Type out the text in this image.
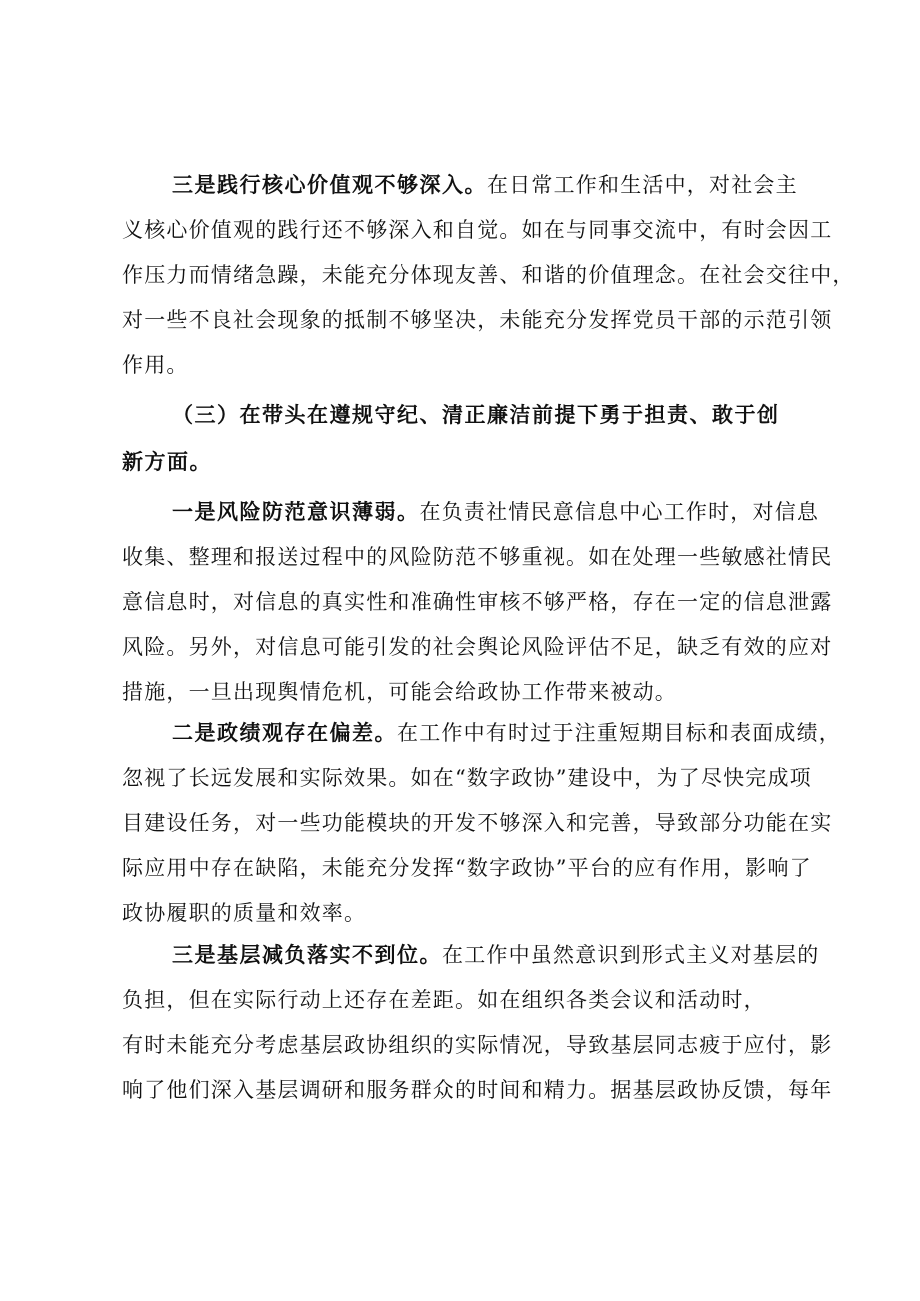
三是践行核心价值观不够深入。在日常工作和生活中，对社会主
义核心价值观的践行还不够深入和自觉。如在与同事交流中，有时会因工
作压力而情绪急躁，未能充分体现友善、和谐的价值理念。在社会交往中，
对一些不良社会现象的抵制不够坚决，未能充分发挥党员干部的示范引领
作用。
（三）在带头在遵规守纪、清正廉洁前提下勇于担责、敢于创
新方面。
一是风险防范意识薄弱。在负责社情民意信息中心工作时，对信息
收集、整理和报送过程中的风险防范不够重视。如在处理一些敏感社情民
意信息时，对信息的真实性和准确性审核不够严格，存在一定的信息泄露
风险。另外，对信息可能引发的社会舆论风险评估不足，缺乏有效的应对
措施，一旦出现舆情危机，可能会给政协工作带来被动。
二是政绩观存在偏差。在工作中有时过于注重短期目标和表面成绩，
忽视了长远发展和实际效果。如在“数字政协”建设中，为了尽快完成项
目建设任务，对一些功能模块的开发不够深入和完善，导致部分功能在实
际应用中存在缺陷，未能充分发挥“数字政协”平台的应有作用，影响了
政协履职的质量和效率。
三是基层减负落实不到位。在工作中虽然意识到形式主义对基层的
负担，但在实际行动上还存在差距。如在组织各类会议和活动时，
有时未能充分考虑基层政协组织的实际情况，导致基层同志疲于应付，影
响了他们深入基层调研和服务群众的时间和精力。据基层政协反馈，每年
